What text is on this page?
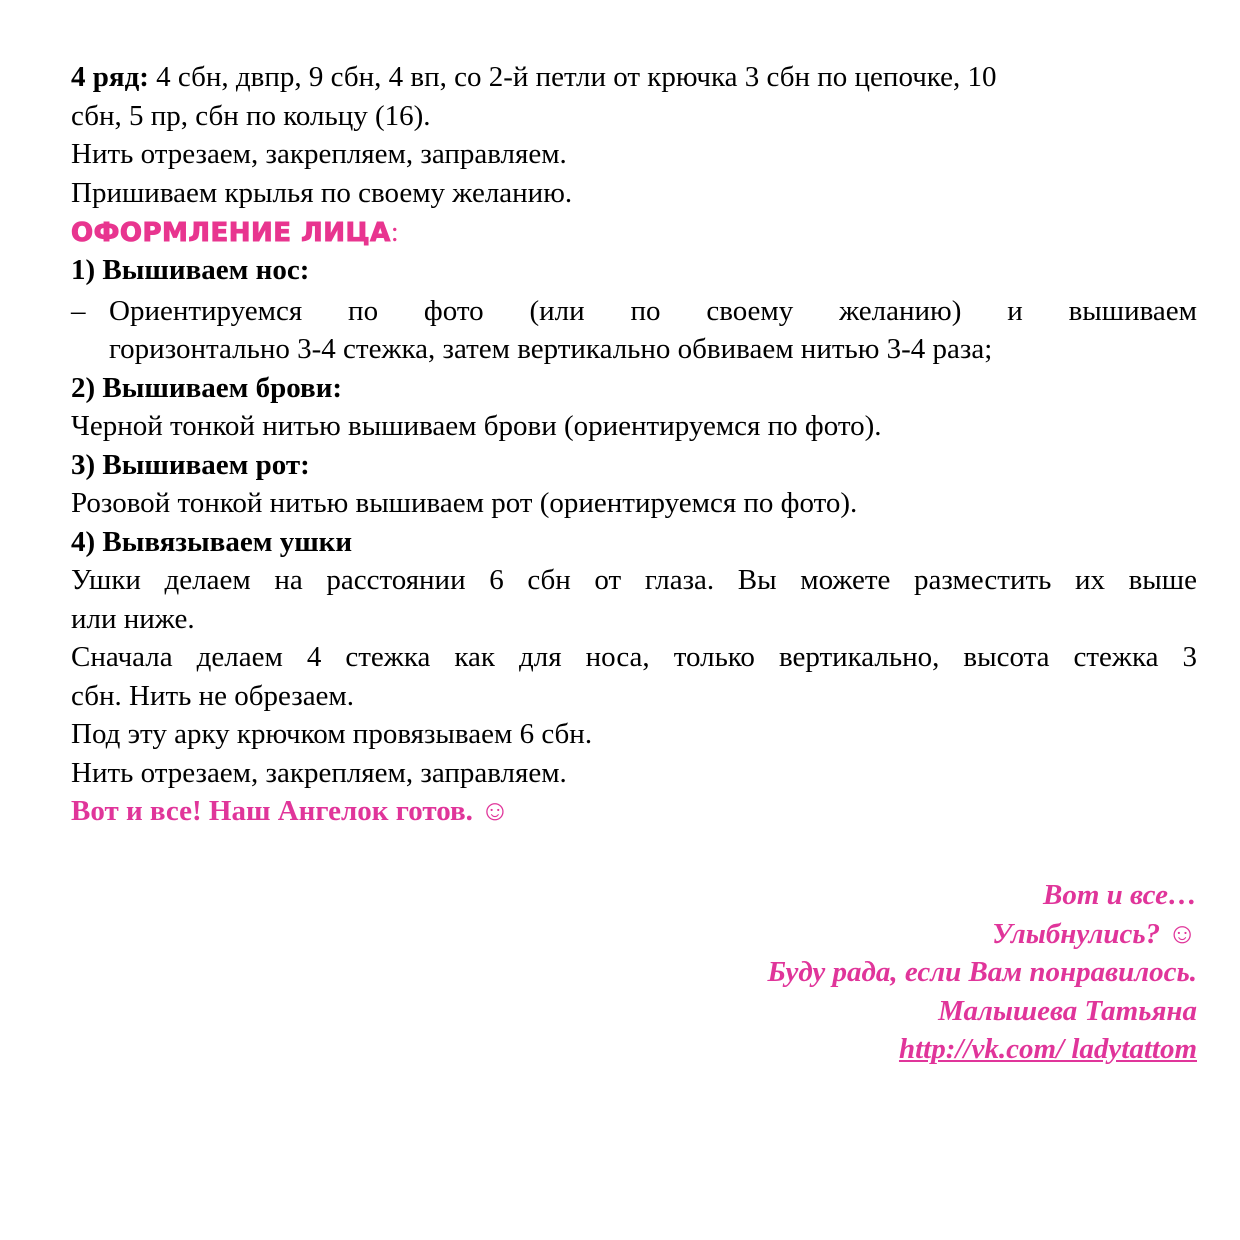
4 ряд: 4 сбн, двпр, 9 сбн, 4 вп, со 2-й петли от крючка 3 сбн по цепочке, 10

сбн, 5 пр, сбн по кольцу (16).

Нить отрезаем, закрепляем, заправляем.

Пришиваем крылья по своему желанию.

ОФОРМЛЕНИЕ ЛИЦА:

1) Вышиваем нос:

– Ориентируемся по фото (или по своему желанию) и вышиваем

горизонтально 3-4 стежка, затем вертикально обвиваем нитью 3-4 раза;

2) Вышиваем брови:

Черной тонкой нитью вышиваем брови (ориентируемся по фото).

3) Вышиваем рот:

Розовой тонкой нитью вышиваем рот (ориентируемся по фото).

4) Вывязываем ушки

Ушки делаем на расстоянии 6 сбн от глаза. Вы можете разместить их выше

или ниже.

Сначала делаем 4 стежка как для носа, только вертикально, высота стежка 3

сбн. Нить не обрезаем.

Под эту арку крючком провязываем 6 сбн.

Нить отрезаем, закрепляем, заправляем.

Вот и все! Наш Ангелок готов. ☺

Вот и все…
Улыбнулись? ☺
Буду рада, если Вам понравилось.
Малышева Татьяна
http://vk.com/ ladytattom
